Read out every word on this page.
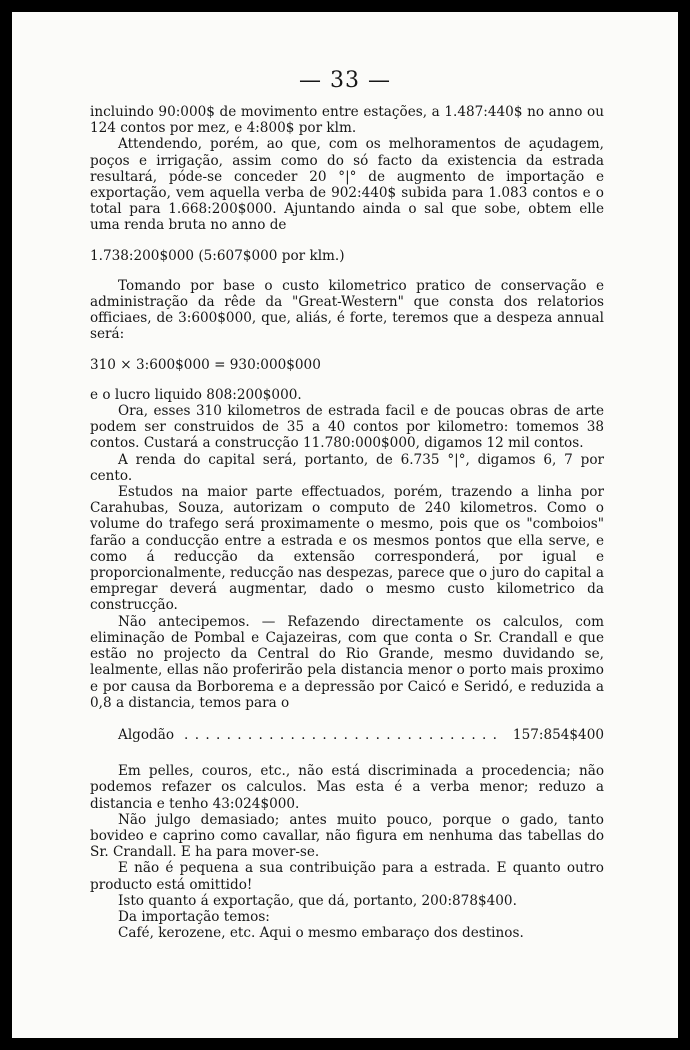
— 33 —

incluindo 90:000$ de movimento entre estações, a 1.487:440$ no anno ou 124 contos por mez, e 4:800$ por klm.

Attendendo, porém, ao que, com os melhoramentos de açudagem, poços e irrigação, assim como do só facto da existencia da estrada resultará, póde-se conceder 20 °|° de augmento de importação e exportação, vem aquella verba de 902:440$ subida para 1.083 contos e o total para 1.668:200$000. Ajuntando ainda o sal que sobe, obtem elle uma renda bruta no anno de

1.738:200$000 (5:607$000 por klm.)

Tomando por base o custo kilometrico pratico de conservação e administração da rêde da "Great-Western" que consta dos relatorios officiaes, de 3:600$000, que, aliás, é forte, teremos que a despeza annual será:

310 × 3:600$000 = 930:000$000

e o lucro liquido 808:200$000.

Ora, esses 310 kilometros de estrada facil e de poucas obras de arte podem ser construidos de 35 a 40 contos por kilometro: tomemos 38 contos. Custará a construcção 11.780:000$000, digamos 12 mil contos.

A renda do capital será, portanto, de 6.735 °|°, digamos 6, 7 por cento.

Estudos na maior parte effectuados, porém, trazendo a linha por Carahubas, Souza, autorizam o computo de 240 kilometros. Como o volume do trafego será proximamente o mesmo, pois que os "comboios" farão a conducção entre a estrada e os mesmos pontos que ella serve, e como á reducção da extensão corresponderá, por igual e proporcionalmente, reducção nas despezas, parece que o juro do capital a empregar deverá augmentar, dado o mesmo custo kilometrico da construcção.

Não antecipemos. — Refazendo directamente os calculos, com eliminação de Pombal e Cajazeiras, com que conta o Sr. Crandall e que estão no projecto da Central do Rio Grande, mesmo duvidando se, lealmente, ellas não proferirão pela distancia menor o porto mais proximo e por causa da Borborema e a depressão por Caicó e Seridó, e reduzida a 0,8 a distancia, temos para o

Algodão
. . .	157:854$400

Em pelles, couros, etc., não está discriminada a procedencia; não podemos refazer os calculos. Mas esta é a verba menor; reduzo a distancia e tenho 43:024$000.

Não julgo demasiado; antes muito pouco, porque o gado, tanto bovideo e caprino como cavallar, não figura em nenhuma das tabellas do Sr. Crandall. E ha para mover-se.

E não é pequena a sua contribuição para a estrada. E quanto outro producto está omittido!

Isto quanto á exportação, que dá, portanto, 200:878$400.

Da importação temos:

Café, kerozene, etc. Aqui o mesmo embaraço dos destinos.
